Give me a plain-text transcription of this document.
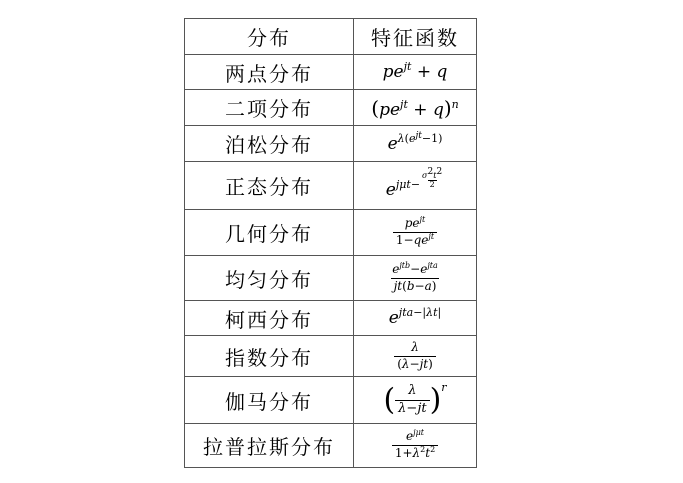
分布	特征函数
两点分布	$pe^{jt} + q$
二项分布	$(pe^{jt} + q)^n$
泊松分布	$e^{\lambda(e^{jt}-1)}$
正态分布	$e^{j\mu t- \frac{\sigma^2t^2}{2}}$

几何分布	$\frac{pe^{jt}}{1-qe^{jt}}$

均匀分布	$\frac{e^{jtb}-e^{jta}}{jt(b-a)}$

柯西分布	$e^{jta-|\lambda t|}$
指数分布	$\frac{\lambda}{(\lambda-jt)}$

伽马分布	( $\frac{\lambda}{\lambda-jt} )^r$
拉普拉斯分布	$\frac{e^{j\mu t}}{1+\lambda^2t^2}$
